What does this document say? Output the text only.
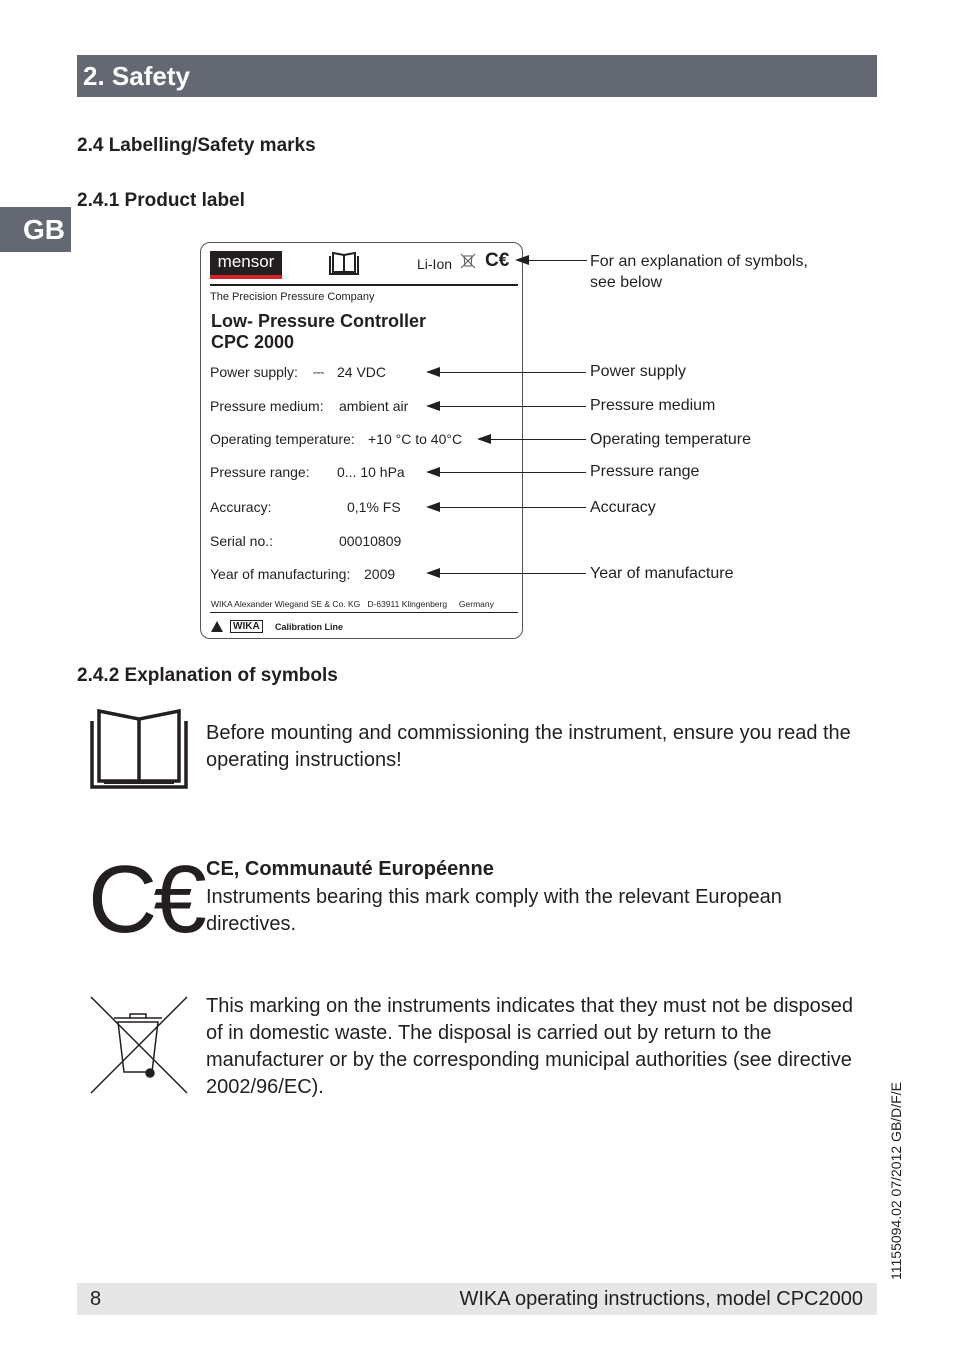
2. Safety
GB
2.4 Labelling/Safety marks
2.4.1 Product label
mensor	Li-Ion C€
The Precision Pressure Company
Low- Pressure Controller
CPC 2000
For an explanation of symbols,
see below
Power supply: ⎓ 24 VDC	Power supply
Pressure medium: ambient air	Pressure medium
Operating temperature: +10 °C to 40°C	Operating temperature
Pressure range: 0... 10 hPa	Pressure range
Accuracy:	0,1% FS	Accuracy
Serial no.:	00010809
Year of manufacturing: 2009	Year of manufacture
WIKA Alexander Wiegand SE & Co. KG D-63911 Klingenberg Germany
WIKA	Calibration Line
2.4.2 Explanation of symbols
Before mounting and commissioning the instrument, ensure you read the operating instructions!
C€ CE, Communauté Européenne
Instruments bearing this mark comply with the relevant European directives.
This marking on the instruments indicates that they must not be disposed of in domestic waste. The disposal is carried out by return to the manufacturer or by the corresponding municipal authorities (see directive 2002/96/EC).	11155094.02 07/2012 GB/D/F/E
8	WIKA operating instructions, model CPC2000
